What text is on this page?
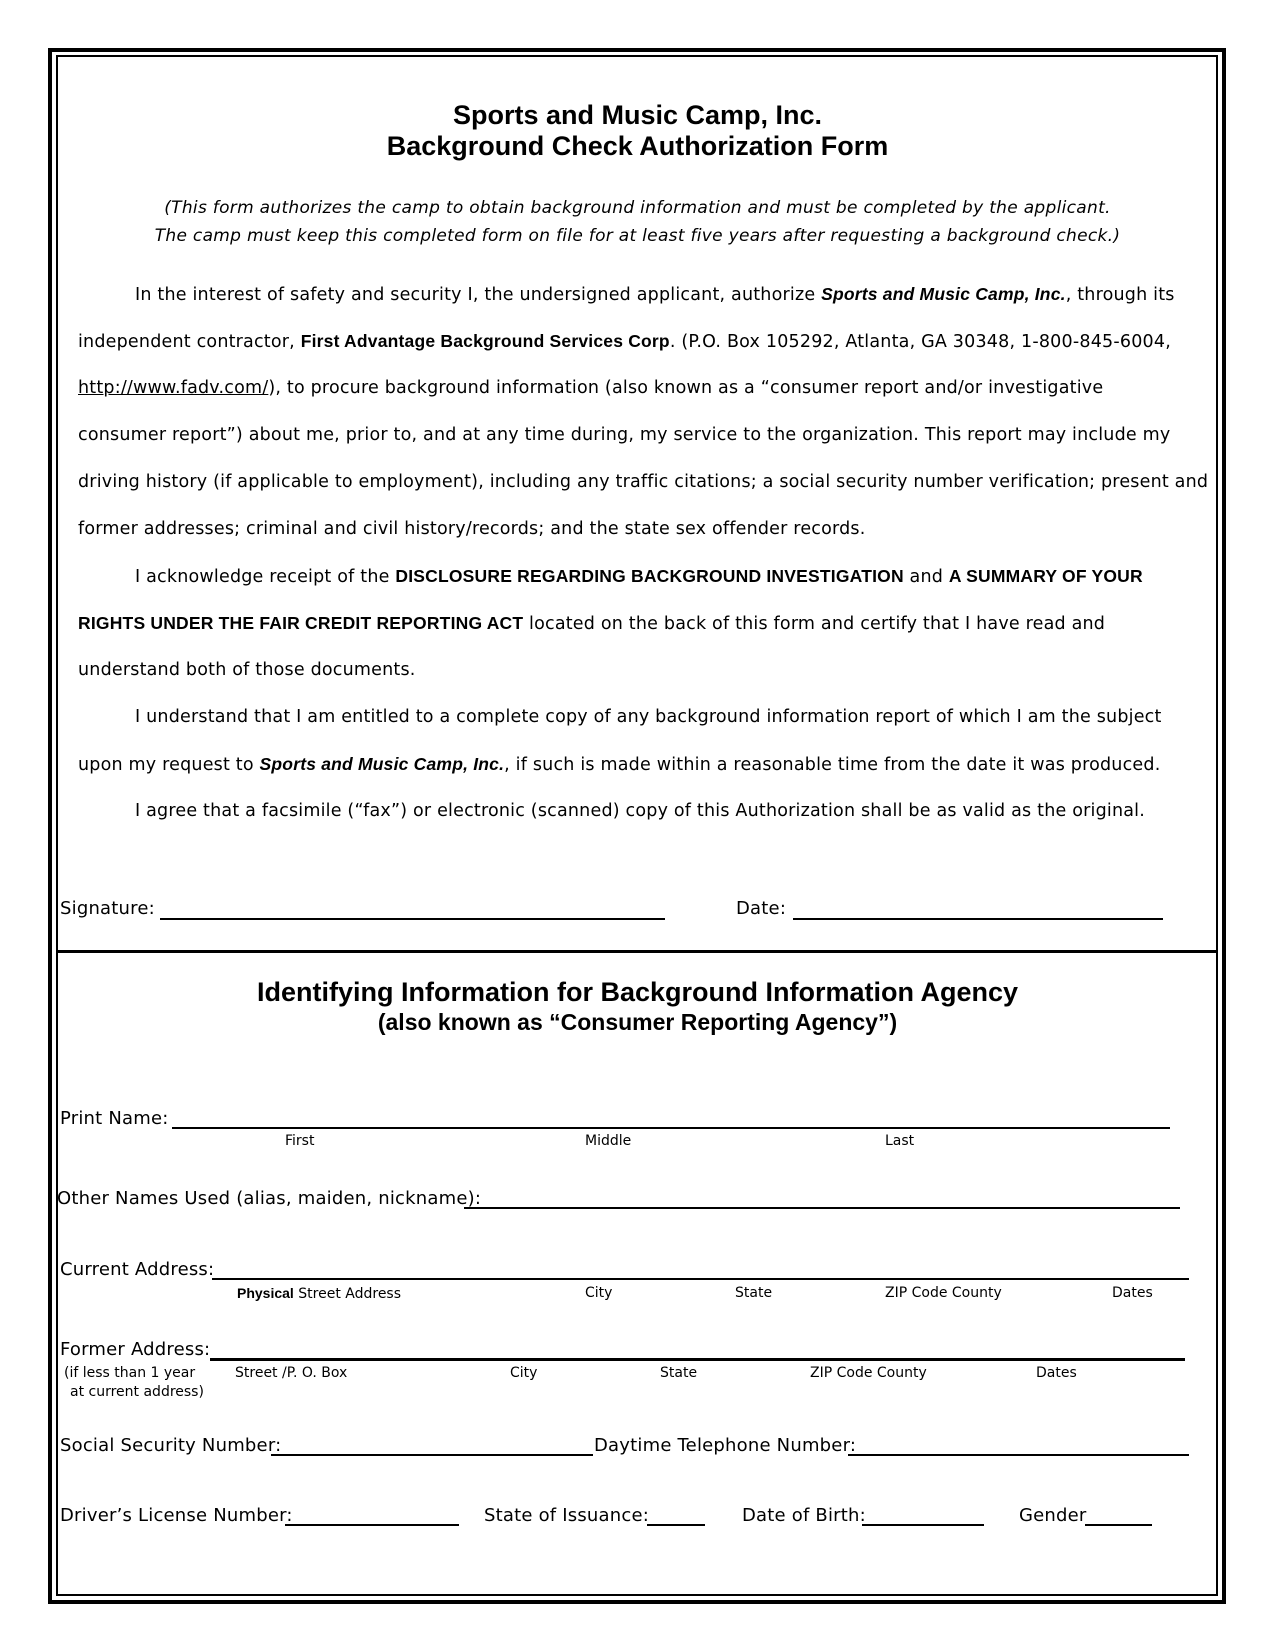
Sports and Music Camp, Inc.
Background Check Authorization Form
(This form authorizes the camp to obtain background information and must be completed by the applicant.
The camp must keep this completed form on file for at least five years after requesting a background check.)
In the interest of safety and security I, the undersigned applicant, authorize Sports and Music Camp, Inc., through its
independent contractor, First Advantage Background Services Corp. (P.O. Box 105292, Atlanta, GA 30348, 1-800-845-6004,
http://www.fadv.com/), to procure background information (also known as a “consumer report and/or investigative
consumer report”) about me, prior to, and at any time during, my service to the organization. This report may include my
driving history (if applicable to employment), including any traffic citations; a social security number verification; present and
former addresses; criminal and civil history/records; and the state sex offender records.
I acknowledge receipt of the DISCLOSURE REGARDING BACKGROUND INVESTIGATION and A SUMMARY OF YOUR
RIGHTS UNDER THE FAIR CREDIT REPORTING ACT located on the back of this form and certify that I have read and
understand both of those documents.
I understand that I am entitled to a complete copy of any background information report of which I am the subject
upon my request to Sports and Music Camp, Inc., if such is made within a reasonable time from the date it was produced.
I agree that a facsimile (“fax”) or electronic (scanned) copy of this Authorization shall be as valid as the original.
Signature:	Date:
Identifying Information for Background Information Agency
(also known as “Consumer Reporting Agency”)
Print Name:
First	Middle	Last
Other Names Used (alias, maiden, nickname):
Current Address:
Physical Street Address	City	State	ZIP Code County	Dates
Former Address:
(if less than 1 year
at current address)
Street /P. O. Box	City	State	ZIP Code County	Dates
Social Security Number:	Daytime Telephone Number:
Driver’s License Number:	State of Issuance:	Date of Birth:	Gender
